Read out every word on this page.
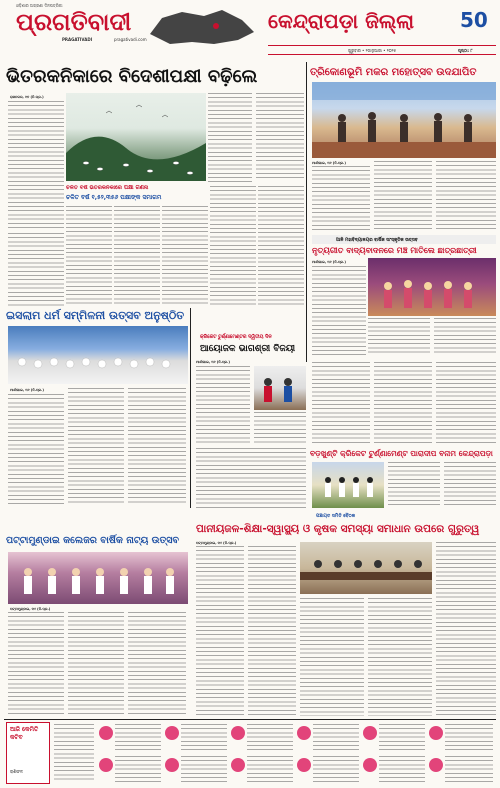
ଓଡ଼ିଶାର ଅଗ୍ରଣୀ ଦିନପତ୍ରିକା
ପ୍ରଗତିବାଦୀ
PRAGATIVADI	pragativadi.com
କେନ୍ଦ୍ରାପଡ଼ା ଜିଲ୍ଲା 50
ଗୁରୁବାର • ୨ଜାନୁଆରୀ • ୨୦୨୫	ପୃଷ୍ଠା: ୮
ଭିତରକନିକାରେ ବିଦେଶୀପକ୍ଷୀ ବଢ଼ିଲେ
ରାଜନଗର, ୧ା୧ (ନି.ପ୍ର.)
ଚଳିତ ବର୍ଷ ଭିତରକନିକାରେ ପକ୍ଷୀ ଗଣନା
ଚଳିତ ବର୍ଷ ୧,୫୨,୩୫୬ ପକ୍ଷୀଙ୍କ ସମାଗମ
ତ୍ରିକୋଣଭୂମି ମକର ମହୋତ୍ସବ ଉଦଯାପିତ
ମାର୍ଶାଘାଇ, ୧ା୧ (ନି.ପ୍ର.)
ଆଳି ମହାବିଦ୍ୟାଳୟର ବାର୍ଷିକ ସାଂସ୍କୃତିକ ଉତ୍ସବ
ନୃତ୍ୟଗୀତ ବାଦ୍ୟବାଦନରେ ମଞ୍ଚ ମାତିଲେ ଛାତ୍ରଛାତ୍ରୀ
ମାର୍ଶାଘାଇ, ୧ା୧ (ନି.ପ୍ର.)
ଇସଲାମ ଧର୍ମ ସମ୍ମିଳନୀ ଉତ୍ସବ ଅନୁଷ୍ଠିତ
ମାର୍ଶାଘାଇ, ୧ା୧ (ନି.ପ୍ର.)
କ୍ରିକେଟ ଟୁର୍ଣ୍ଣାମେଣ୍ଟର ଦ୍ୱିତୀୟ ଦିନ
ଆୟୋଜକ ଭାଗଶ୍ରୀ ବିଜୟୀ
ମାର୍ଶାଘାଇ, ୧ା୧ (ନି.ପ୍ର.)
ବଡ଼ଖୁଣ୍ଟି କ୍ରିକେଟ ଟୁର୍ଣ୍ଣାମେଣ୍ଟ ପାରାଦୀପ ବନାମ କେନ୍ଦ୍ରାପଡ଼ା
ପଞ୍ଚାୟତ ସମିତି ବୈଠକ
ପାନୀୟଜଳ-ଶିକ୍ଷା-ସ୍ୱାସ୍ଥ୍ୟ ଓ କୃଷକ ସମସ୍ୟା ସମାଧାନ ଉପରେ ଗୁରୁତ୍ୱ
ପଟ୍ଟାମୁଣ୍ଡାଇ, ୧ା୧ (ନି.ପ୍ର.)
ପଟ୍ଟାମୁଣ୍ଡାଇ କଲେଜର ବାର୍ଷିକ ନାଟ୍ୟ ଉତ୍ସବ
ପଟ୍ଟାମୁଣ୍ଡାଇ, ୧ା୧ (ନି.ପ୍ର.)
ଆଜି କେମିତି କଟିବ
ରାଶିଫଳ
